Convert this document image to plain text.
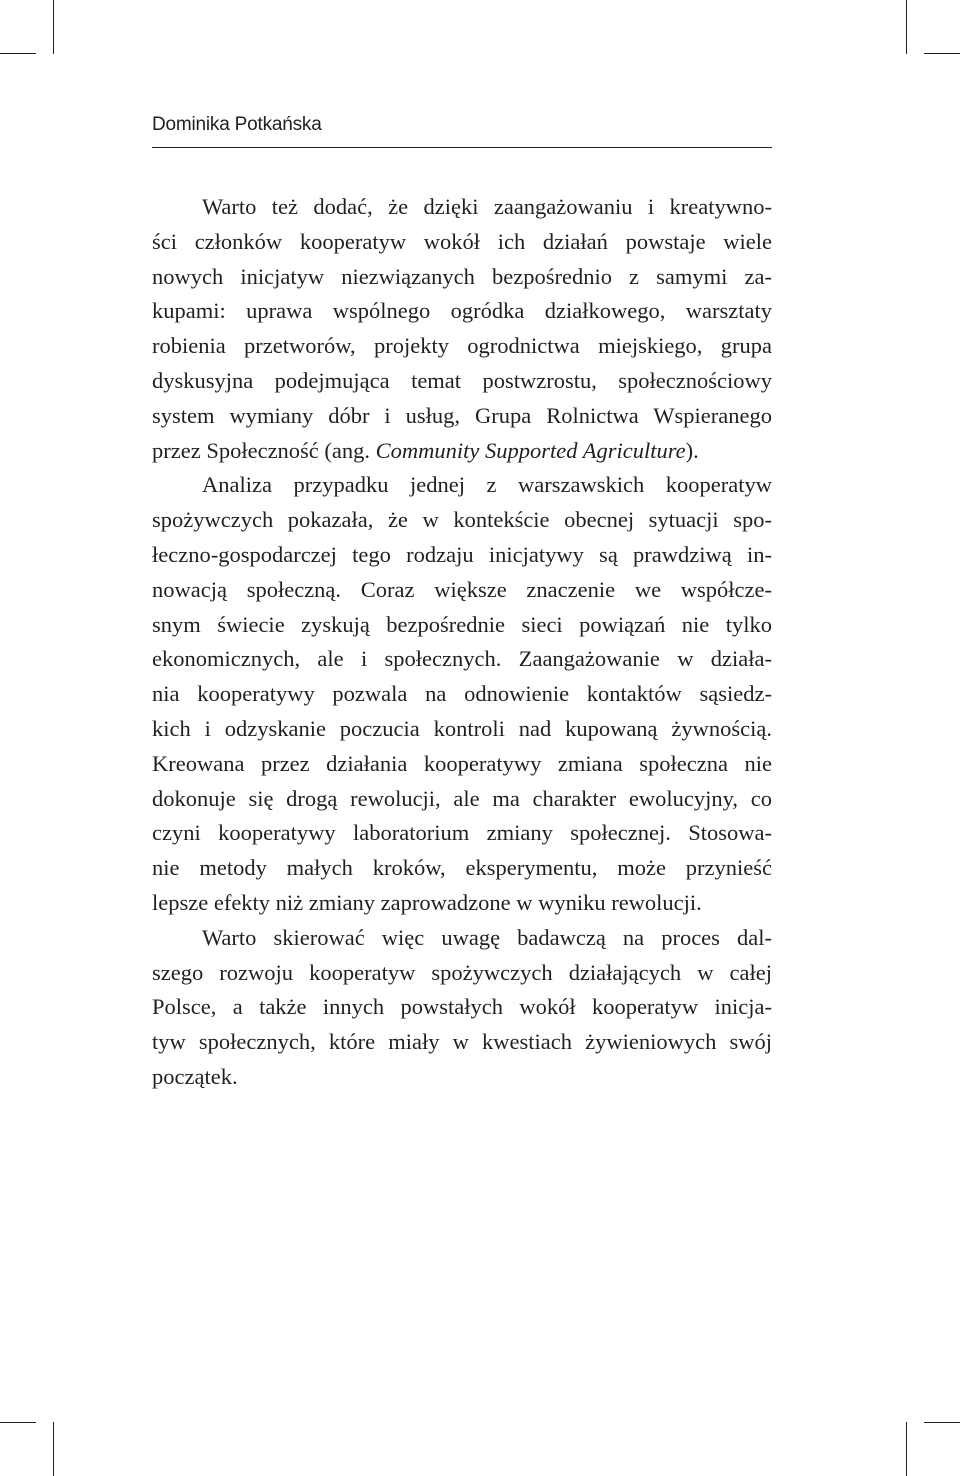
Dominika Potkańska
Warto też dodać, że dzięki zaangażowaniu i kreatywno-
ści członków kooperatyw wokół ich działań powstaje wiele
nowych inicjatyw niezwiązanych bezpośrednio z samymi za-
kupami: uprawa wspólnego ogródka działkowego, warsztaty
robienia przetworów, projekty ogrodnictwa miejskiego, grupa
dyskusyjna podejmująca temat postwzrostu, społecznościowy
system wymiany dóbr i usług, Grupa Rolnictwa Wspieranego
przez Społeczność (ang. Community Supported Agriculture).
Analiza przypadku jednej z warszawskich kooperatyw
spożywczych pokazała, że w kontekście obecnej sytuacji spo-
łeczno-gospodarczej tego rodzaju inicjatywy są prawdziwą in-
nowacją społeczną. Coraz większe znaczenie we współcze-
snym świecie zyskują bezpośrednie sieci powiązań nie tylko
ekonomicznych, ale i społecznych. Zaangażowanie w działa-
nia kooperatywy pozwala na odnowienie kontaktów sąsiedz-
kich i odzyskanie poczucia kontroli nad kupowaną żywnością.
Kreowana przez działania kooperatywy zmiana społeczna nie
dokonuje się drogą rewolucji, ale ma charakter ewolucyjny, co
czyni kooperatywy laboratorium zmiany społecznej. Stosowa-
nie metody małych kroków, eksperymentu, może przynieść
lepsze efekty niż zmiany zaprowadzone w wyniku rewolucji.
Warto skierować więc uwagę badawczą na proces dal-
szego rozwoju kooperatyw spożywczych działających w całej
Polsce, a także innych powstałych wokół kooperatyw inicja-
tyw społecznych, które miały w kwestiach żywieniowych swój
początek.
